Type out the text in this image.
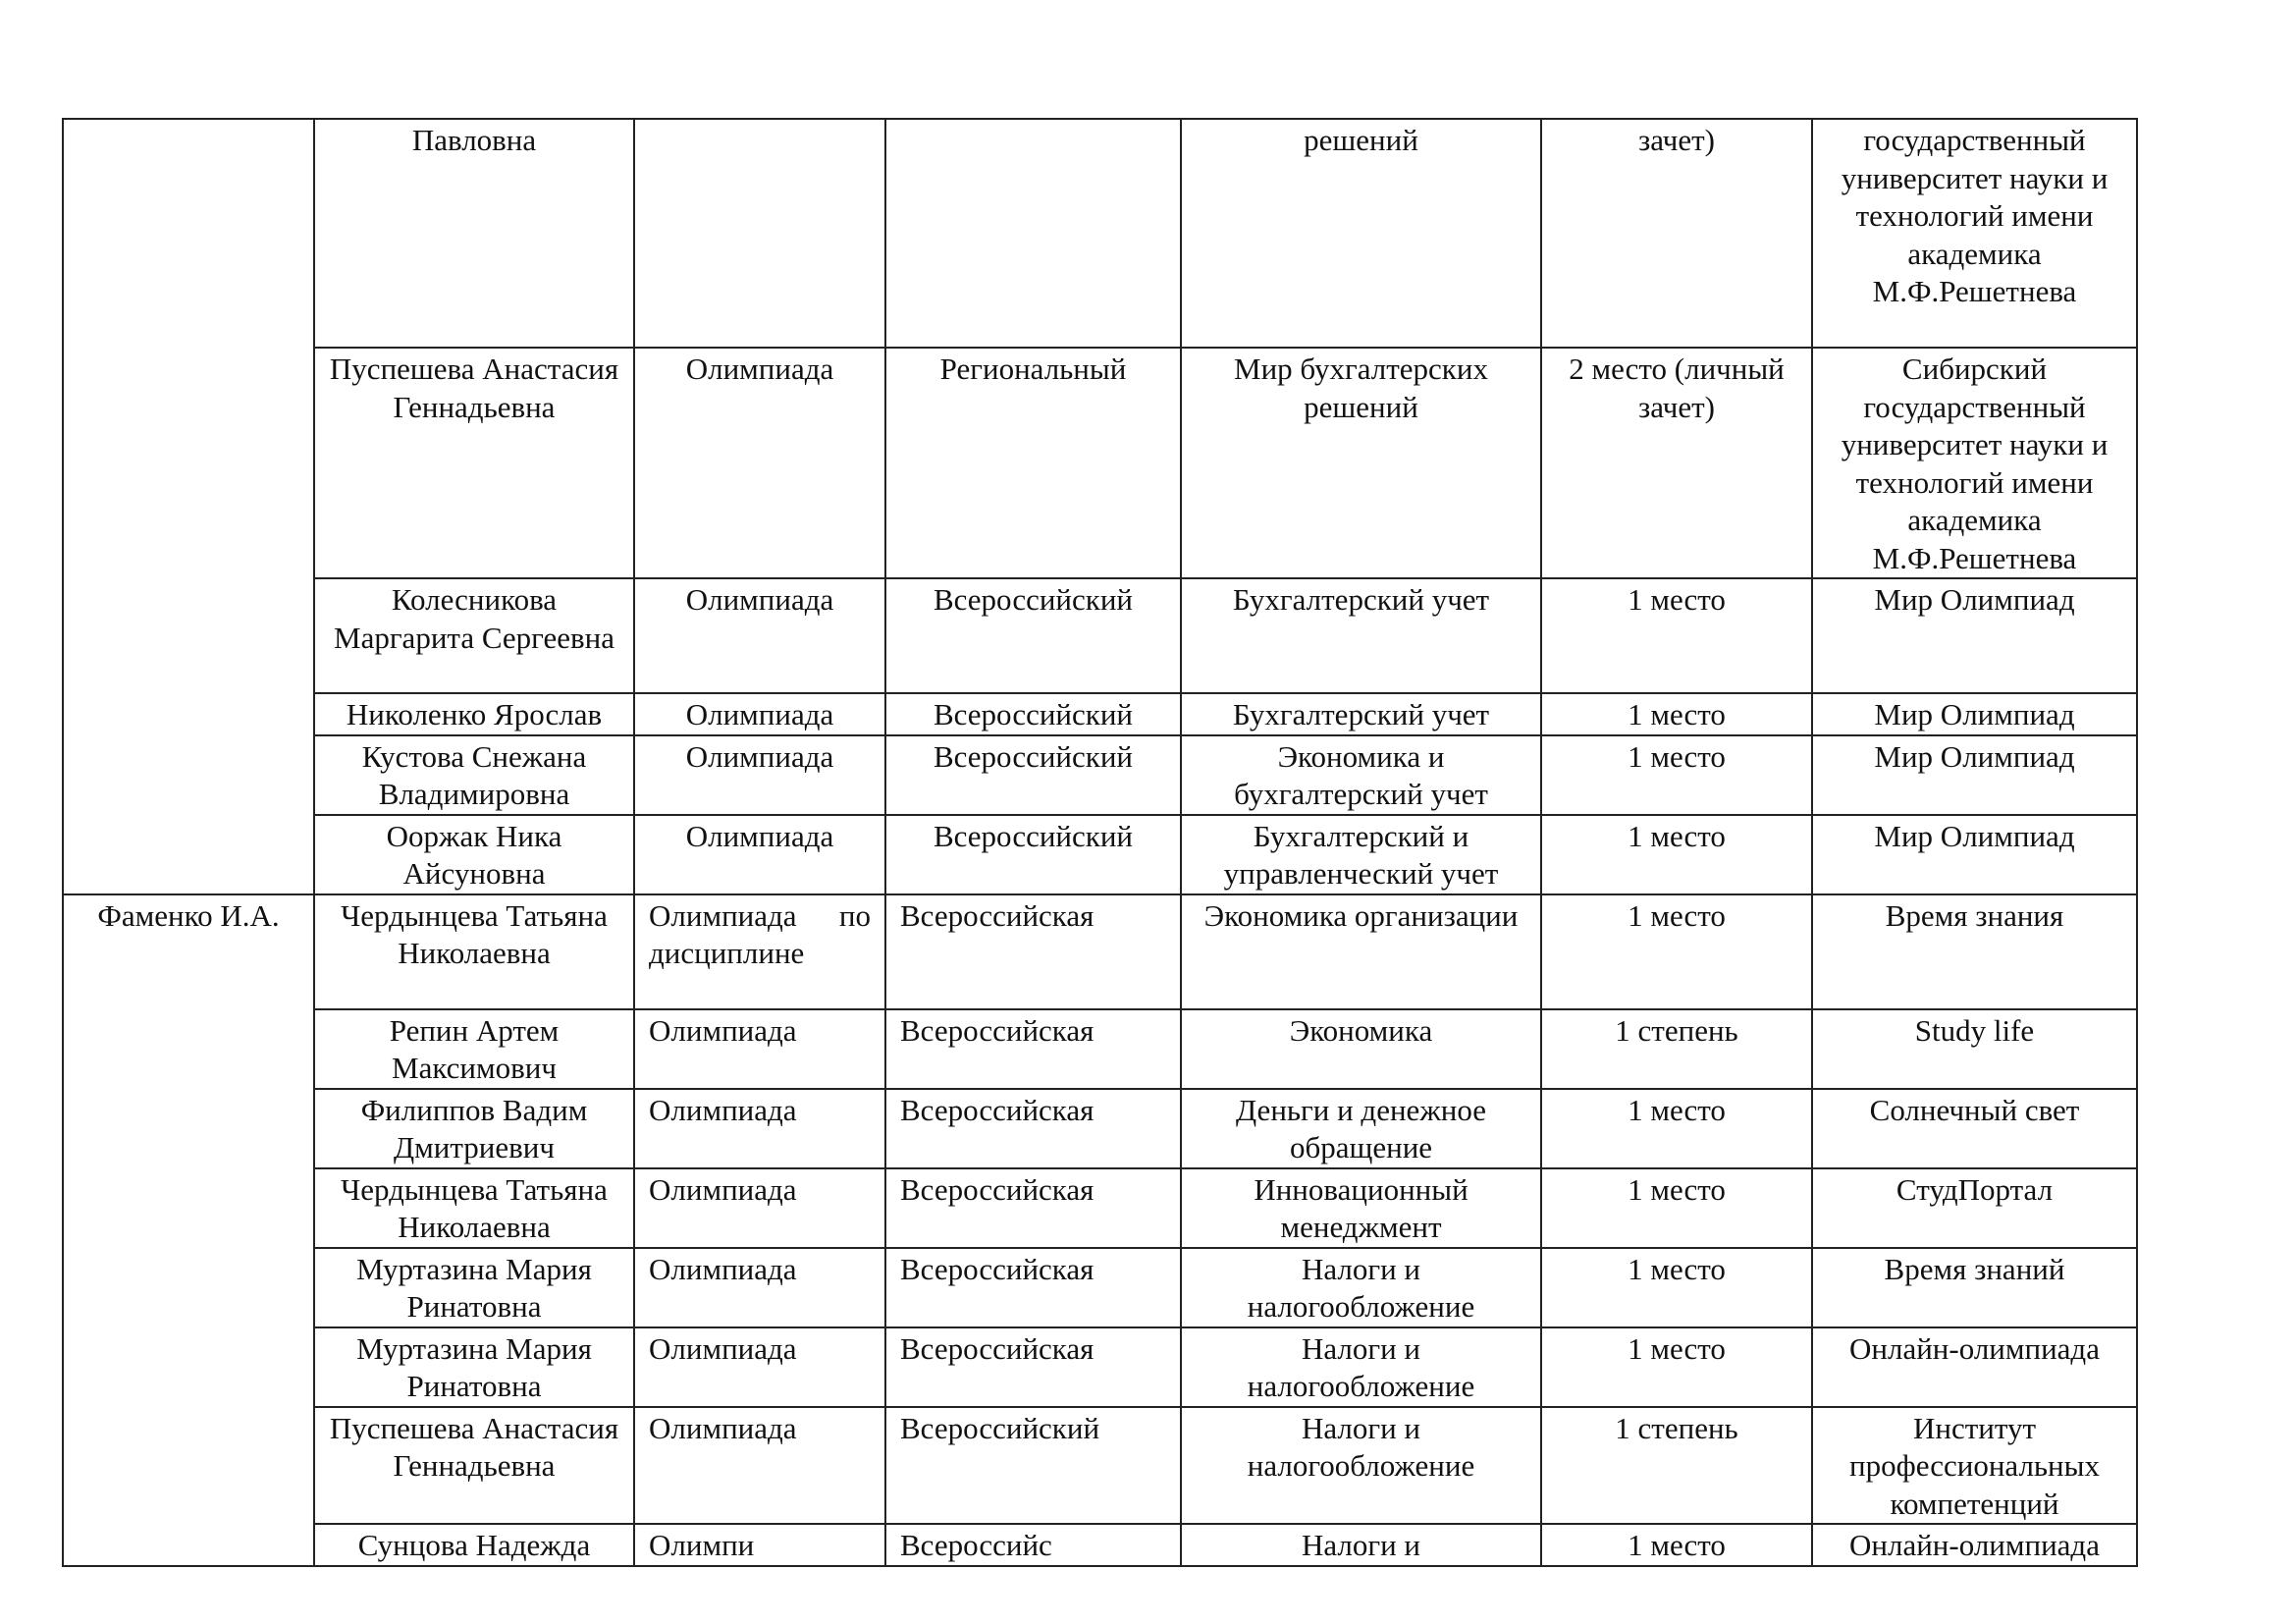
	Павловна			решений	зачет)	государственный университет науки и технологий имени академика М.Ф.Решетнева
	Пуспешева Анастасия Геннадьевна	Олимпиада	Региональный	Мир бухгалтерских решений	2 место (личный зачет)	Сибирский государственный университет науки и технологий имени академика М.Ф.Решетнева
	Колесникова Маргарита Сергеевна	Олимпиада	Всероссийский	Бухгалтерский учет	1 место	Мир Олимпиад
	Николенко Ярослав	Олимпиада	Всероссийский	Бухгалтерский учет	1 место	Мир Олимпиад
	Кустова Снежана Владимировна	Олимпиада	Всероссийский	Экономика и бухгалтерский учет	1 место	Мир Олимпиад
	Ооржак Ника Айсуновна	Олимпиада	Всероссийский	Бухгалтерский и управленческий учет	1 место	Мир Олимпиад
Фаменко И.А.	Чердынцева Татьяна Николаевна	Олимпиада по дисциплине	Всероссийская	Экономика организации	1 место	Время знания
	Репин Артем Максимович	Олимпиада	Всероссийская	Экономика	1 степень	Study life
	Филиппов Вадим Дмитриевич	Олимпиада	Всероссийская	Деньги и денежное обращение	1 место	Солнечный свет
	Чердынцева Татьяна Николаевна	Олимпиада	Всероссийская	Инновационный менеджмент	1 место	СтудПортал
	Муртазина Мария Ринатовна	Олимпиада	Всероссийская	Налоги и налогообложение	1 место	Время знаний
	Муртазина Мария Ринатовна	Олимпиада	Всероссийская	Налоги и налогообложение	1 место	Онлайн-олимпиада
	Пуспешева Анастасия Геннадьевна	Олимпиада	Всероссийский	Налоги и налогообложение	1 степень	Институт профессиональных компетенций
	Сунцова Надежда	Олимпи	Всероссийс	Налоги и	1 место	Онлайн-олимпиада
